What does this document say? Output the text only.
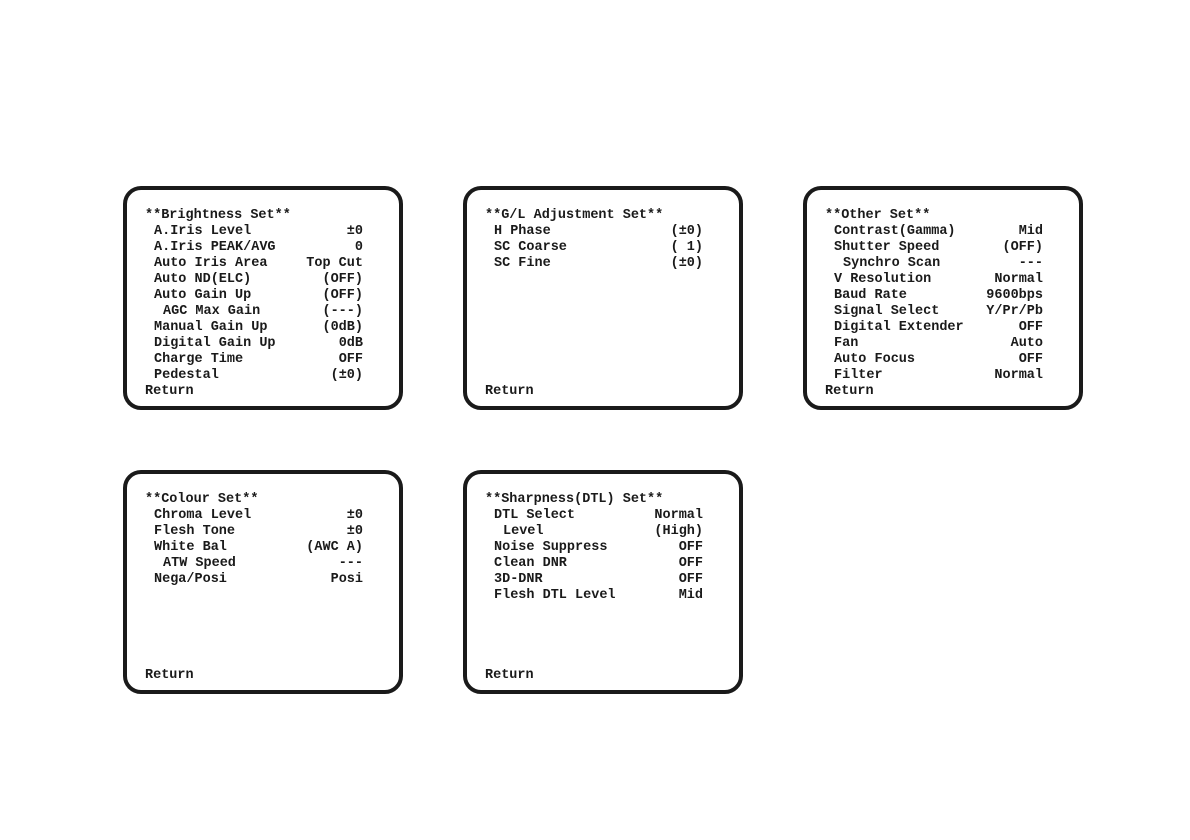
**Brightness Set**
A.Iris Level	±0
A.Iris PEAK/AVG	0
Auto Iris Area	Top Cut
Auto ND(ELC)	(OFF)
Auto Gain Up	(OFF)
AGC Max Gain	(---)
Manual Gain Up	(0dB)
Digital Gain Up	0dB
Charge Time	OFF
Pedestal	(±0)
Return
**G/L Adjustment Set**
H Phase	(±0)
SC Coarse	( 1)
SC Fine	(±0)
Return
**Other Set**
Contrast(Gamma)	Mid
Shutter Speed	(OFF)
Synchro Scan	---
V Resolution	Normal
Baud Rate	9600bps
Signal Select	Y/Pr/Pb
Digital Extender	OFF
Fan	Auto
Auto Focus	OFF
Filter	Normal
Return
**Colour Set**
Chroma Level	±0
Flesh Tone	±0
White Bal	(AWC A)
ATW Speed	---
Nega/Posi	Posi
Return
**Sharpness(DTL) Set**
DTL Select	Normal
Level	(High)
Noise Suppress	OFF
Clean DNR	OFF
3D-DNR	OFF
Flesh DTL Level	Mid
Return
